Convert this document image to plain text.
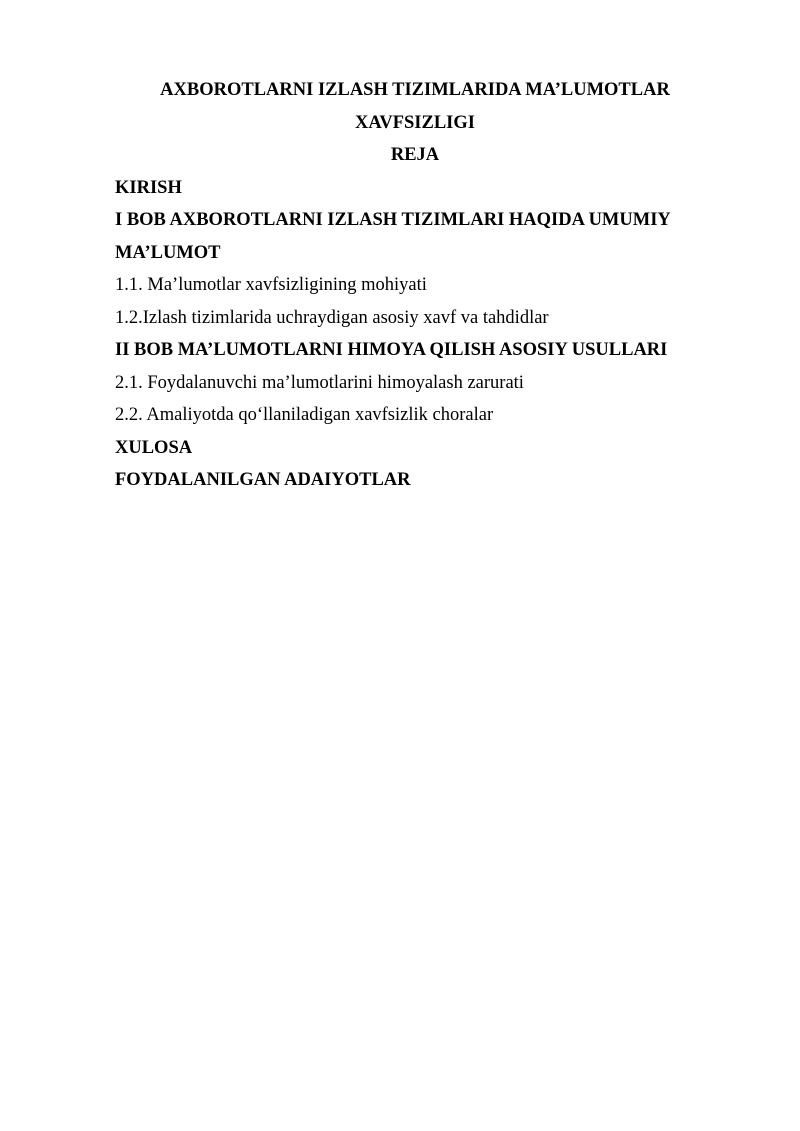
AXBOROTLARNI IZLASH TIZIMLARIDA MA’LUMOTLAR
XAVFSIZLIGI
REJA
KIRISH
I BOB AXBOROTLARNI IZLASH TIZIMLARI HAQIDA UMUMIY
MA’LUMOT
1.1. Ma’lumotlar xavfsizligining mohiyati
1.2.Izlash tizimlarida uchraydigan asosiy xavf va tahdidlar
II BOB MA’LUMOTLARNI HIMOYA QILISH ASOSIY USULLARI
2.1. Foydalanuvchi ma’lumotlarini himoyalash zarurati
2.2. Amaliyotda qo‘llaniladigan xavfsizlik choralar
XULOSA
FOYDALANILGAN ADAIYOTLAR
